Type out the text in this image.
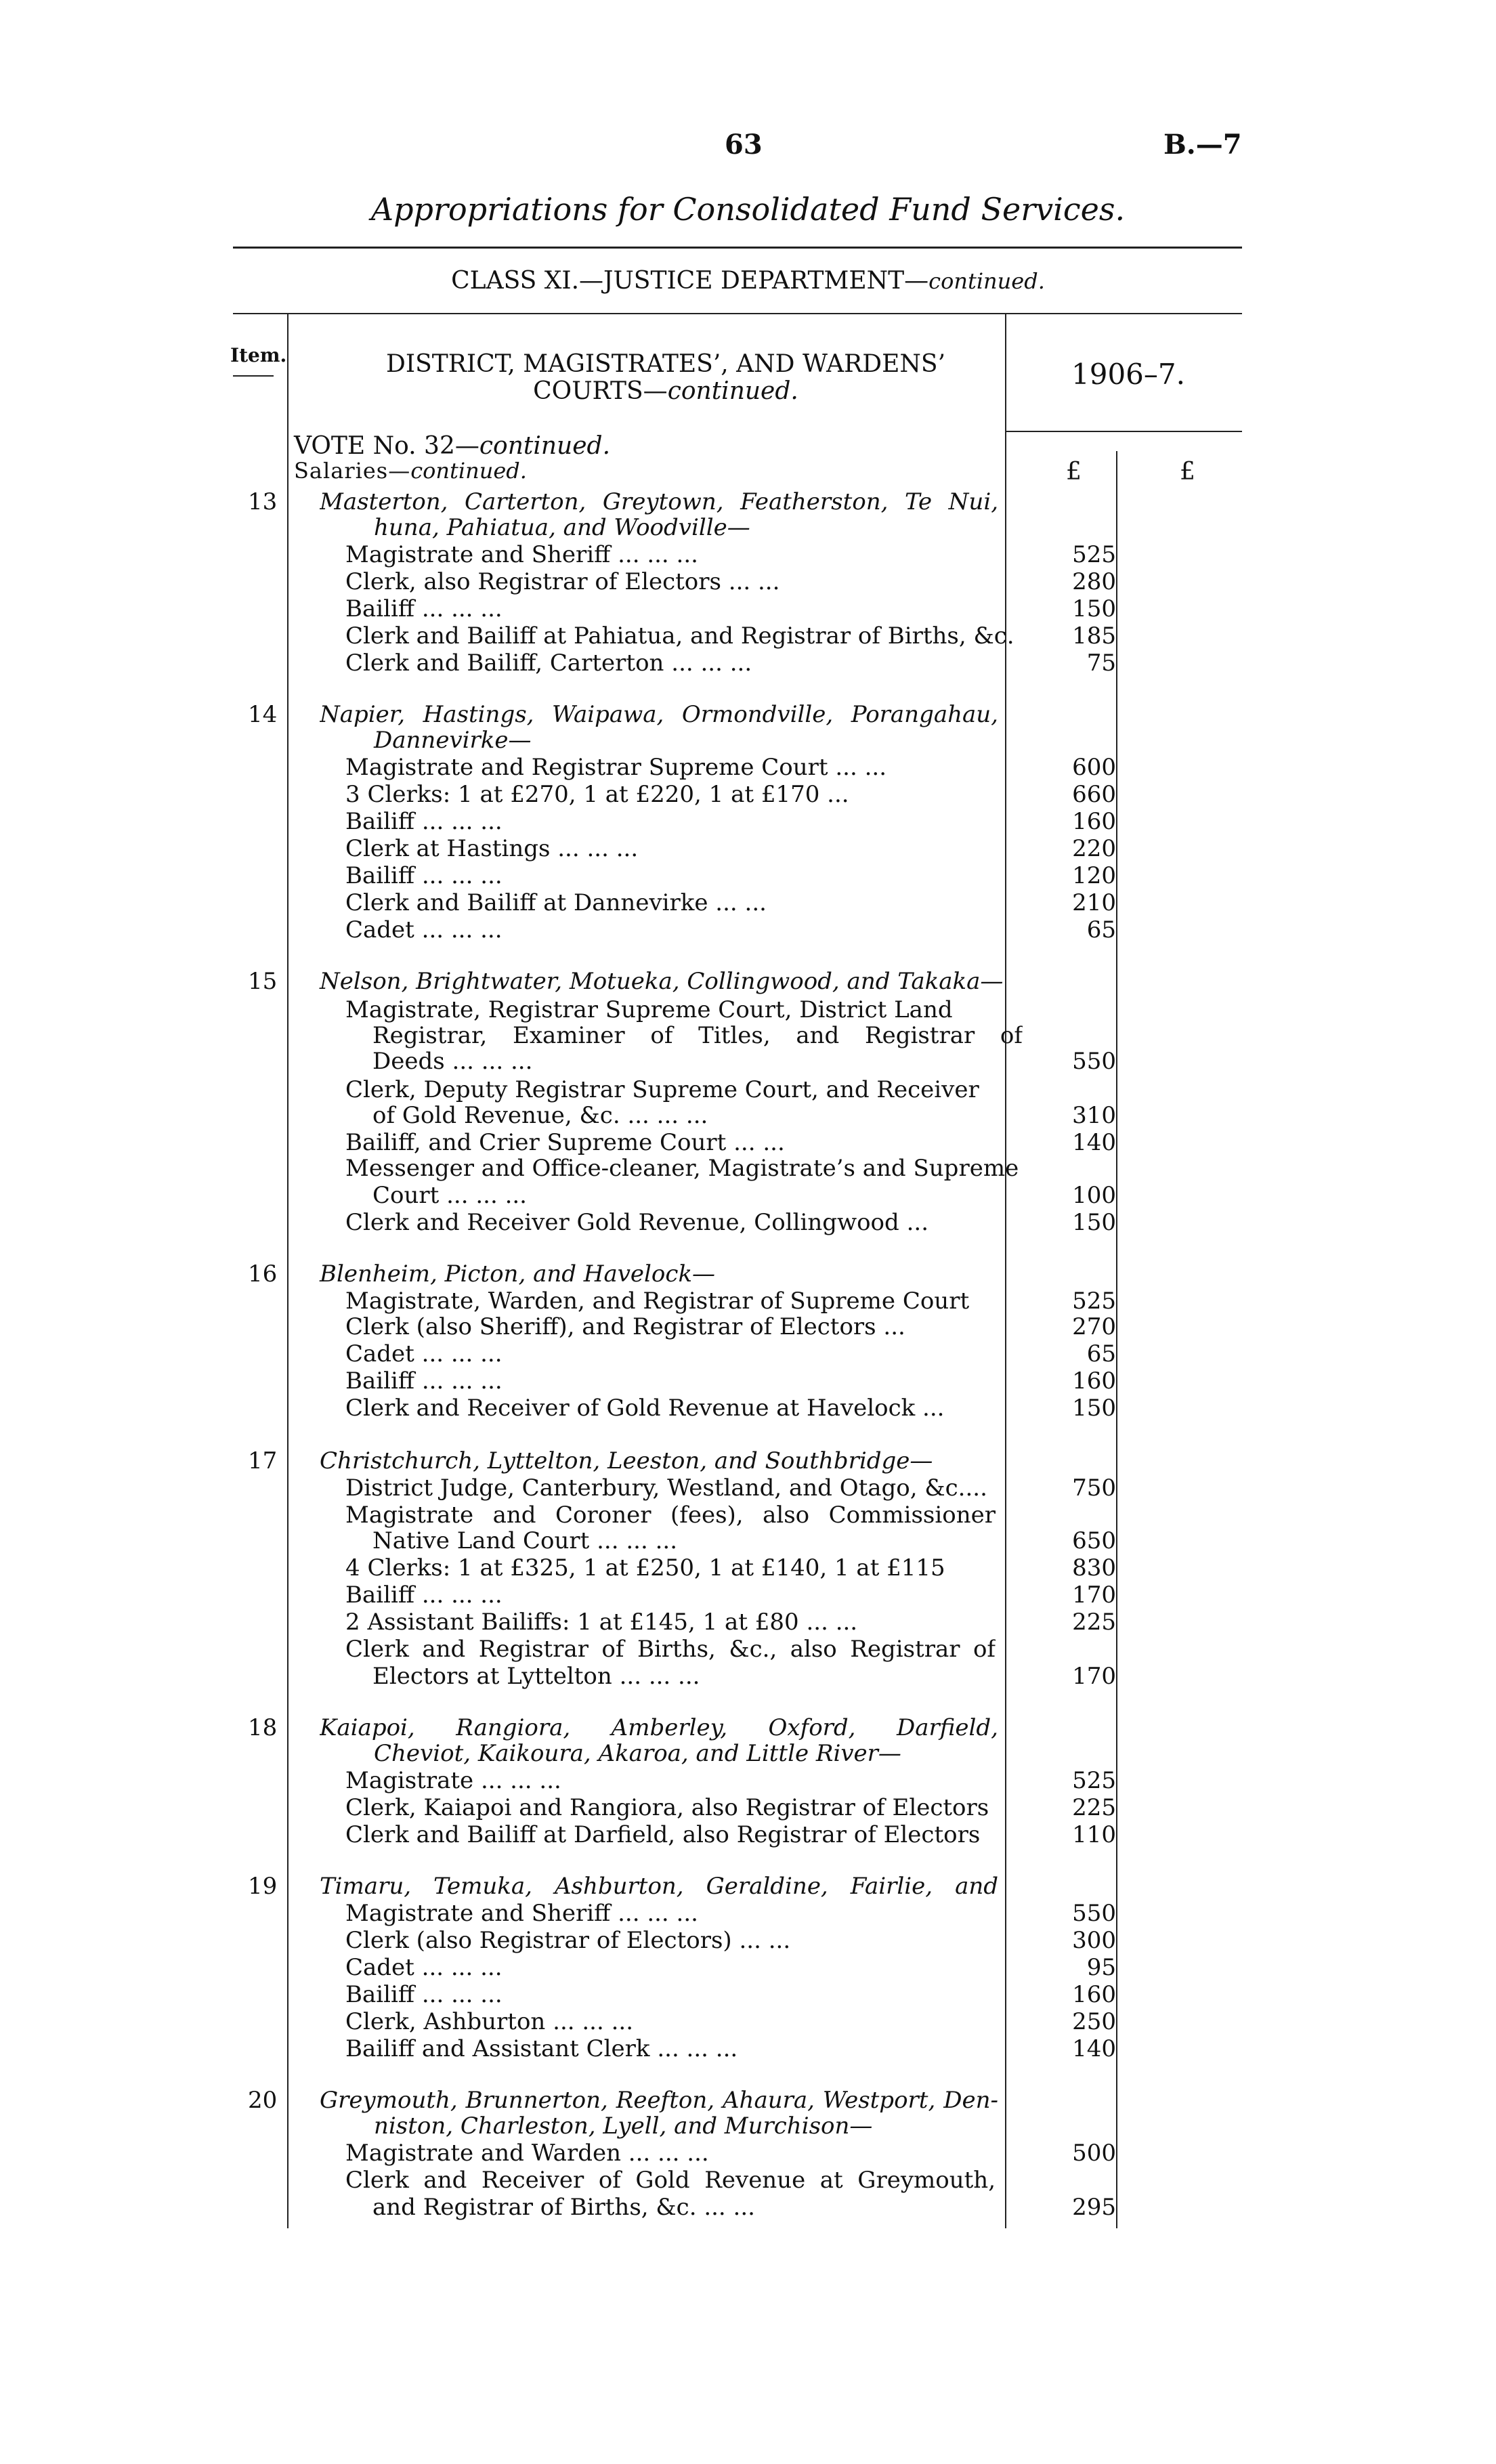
63	B.—7
Appropriations for Consolidated Fund Services.
CLASS XI.—JUSTICE DEPARTMENT—continued.
Item.	DISTRICT, MAGISTRATES’, AND WARDENS’
COURTS—continued.
1906–7.
VOTE No. 32—continued.
Salaries—continued.	£	£
13 Masterton, Carterton, Greytown, Featherston, Te Nui,
huna, Pahiatua, and Woodville—
Magistrate and Sheriff ... ... ...	525
Clerk, also Registrar of Electors ... ...	280
Bailiff ... ... ...	150
Clerk and Bailiff at Pahiatua, and Registrar of Births, &c.	185
Clerk and Bailiff, Carterton ... ... ...	75
14 Napier, Hastings, Waipawa, Ormondville, Porangahau,
Dannevirke—
Magistrate and Registrar Supreme Court ... ...	600
3 Clerks: 1 at £270, 1 at £220, 1 at £170 ...	660
Bailiff ... ... ...	160
Clerk at Hastings ... ... ...	220
Bailiff ... ... ...	120
Clerk and Bailiff at Dannevirke ... ...	210
Cadet ... ... ...	65
15 Nelson, Brightwater, Motueka, Collingwood, and Takaka—
Magistrate, Registrar Supreme Court, District Land
Registrar, Examiner of Titles, and Registrar of
Deeds ... ... ...	550
Clerk, Deputy Registrar Supreme Court, and Receiver
of Gold Revenue, &c. ... ... ...	310
Bailiff, and Crier Supreme Court ... ...	140
Messenger and Office-cleaner, Magistrate’s and Supreme
Court ... ... ...	100
Clerk and Receiver Gold Revenue, Collingwood ...	150
16 Blenheim, Picton, and Havelock—
Magistrate, Warden, and Registrar of Supreme Court	525
Clerk (also Sheriff), and Registrar of Electors ...	270
Cadet ... ... ...	65
Bailiff ... ... ...	160
Clerk and Receiver of Gold Revenue at Havelock ...	150
17 Christchurch, Lyttelton, Leeston, and Southbridge—
District Judge, Canterbury, Westland, and Otago, &c....	750
Magistrate and Coroner (fees), also Commissioner
Native Land Court ... ... ...	650
4 Clerks: 1 at £325, 1 at £250, 1 at £140, 1 at £115	830
Bailiff ... ... ...	170
2 Assistant Bailiffs: 1 at £145, 1 at £80 ... ...	225
Clerk and Registrar of Births, &c., also Registrar of
Electors at Lyttelton ... ... ...	170
18 Kaiapoi, Rangiora, Amberley, Oxford, Darfield,
Cheviot, Kaikoura, Akaroa, and Little River—
Magistrate ... ... ...	525
Clerk, Kaiapoi and Rangiora, also Registrar of Electors	225
Clerk and Bailiff at Darfield, also Registrar of Electors	110
19 Timaru, Temuka, Ashburton, Geraldine, Fairlie, and
Magistrate and Sheriff ... ... ...	550
Clerk (also Registrar of Electors) ... ...	300
Cadet ... ... ...	95
Bailiff ... ... ...	160
Clerk, Ashburton ... ... ...	250
Bailiff and Assistant Clerk ... ... ...	140
20 Greymouth, Brunnerton, Reefton, Ahaura, Westport, Den-
niston, Charleston, Lyell, and Murchison—
Magistrate and Warden ... ... ...	500
Clerk and Receiver of Gold Revenue at Greymouth,
and Registrar of Births, &c. ... ...	295
